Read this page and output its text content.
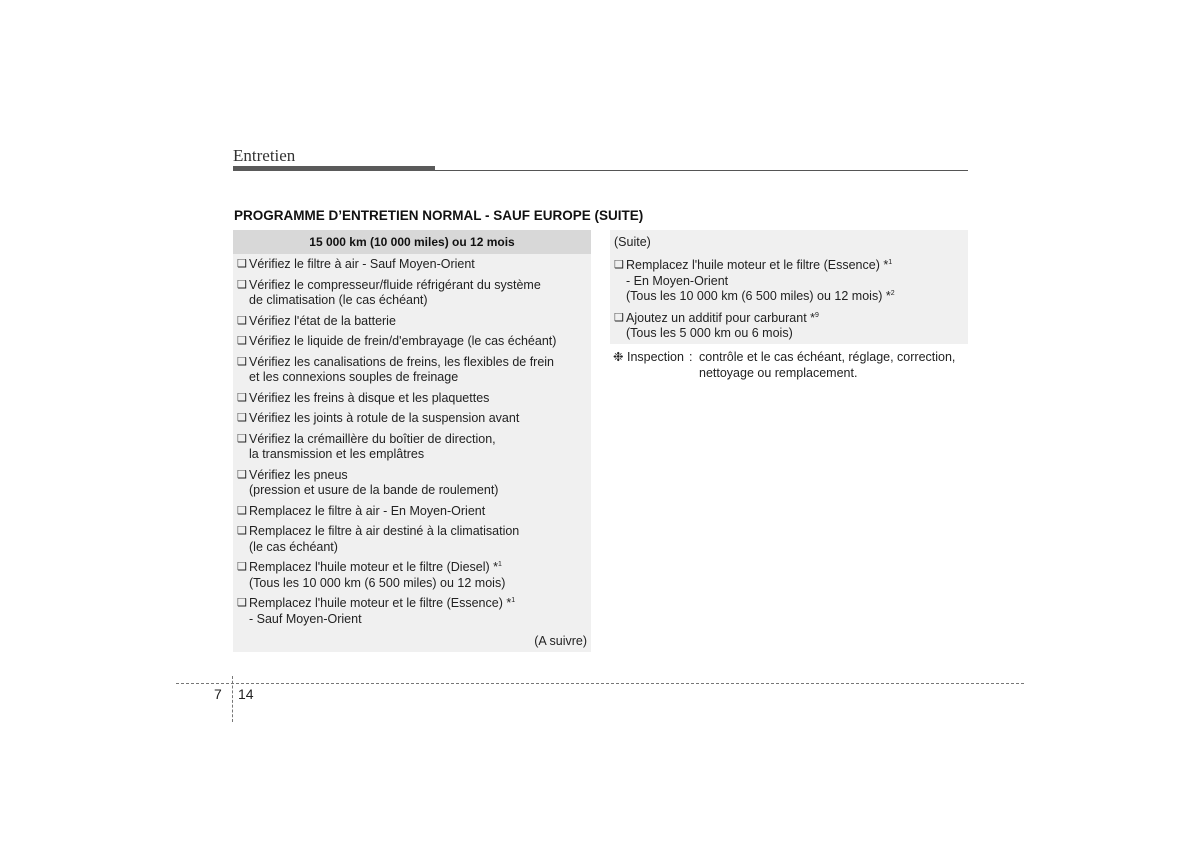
Entretien
PROGRAMME D’ENTRETIEN NORMAL - SAUF EUROPE (SUITE)
15 000 km (10 000 miles) ou 12 mois
❑ Vérifiez le filtre à air - Sauf Moyen-Orient
❑ Vérifiez le compresseur/fluide réfrigérant du système
de climatisation (le cas échéant)
❑ Vérifiez l'état de la batterie
❑ Vérifiez le liquide de frein/d'embrayage (le cas échéant)
❑ Vérifiez les canalisations de freins, les flexibles de frein
et les connexions souples de freinage
❑ Vérifiez les freins à disque et les plaquettes
❑ Vérifiez les joints à rotule de la suspension avant
❑ Vérifiez la crémaillère du boîtier de direction,
la transmission et les emplâtres
❑ Vérifiez les pneus
(pression et usure de la bande de roulement)
❑ Remplacez le filtre à air - En Moyen-Orient
❑ Remplacez le filtre à air destiné à la climatisation
(le cas échéant)
❑ Remplacez l'huile moteur et le filtre (Diesel) *$^1$
(Tous les 10 000 km (6 500 miles) ou 12 mois)
❑ Remplacez l'huile moteur et le filtre (Essence) *$^1$
- Sauf Moyen-Orient
(A suivre)
(Suite)
❑ Remplacez l'huile moteur et le filtre (Essence) *$^1$
- En Moyen-Orient
(Tous les 10 000 km (6 500 miles) ou 12 mois) *$^2$
❑ Ajoutez un additif pour carburant *$^9$
(Tous les 5 000 km ou 6 mois)
❉ Inspection : contrôle et le cas échéant, réglage, correction,
nettoyage ou remplacement.
7 14
